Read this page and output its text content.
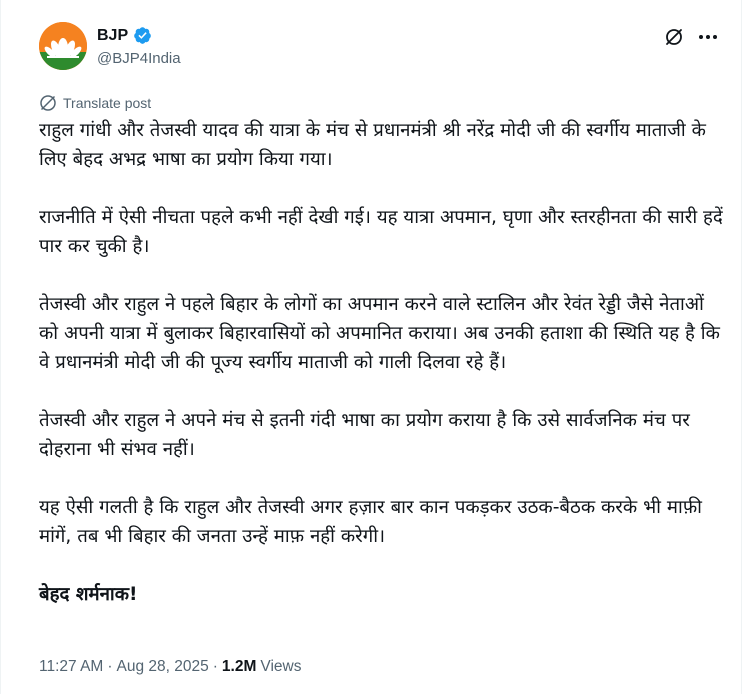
BJP
@BJP4India
Translate post

राहुल गांधी और तेजस्वी यादव की यात्रा के मंच से प्रधानमंत्री श्री नरेंद्र मोदी जी की स्वर्गीय माताजी के लिए बेहद अभद्र भाषा का प्रयोग किया गया।

राजनीति में ऐसी नीचता पहले कभी नहीं देखी गई। यह यात्रा अपमान, घृणा और स्तरहीनता की सारी हदें पार कर चुकी है।

तेजस्वी और राहुल ने पहले बिहार के लोगों का अपमान करने वाले स्टालिन और रेवंत रेड्डी जैसे नेताओं को अपनी यात्रा में बुलाकर बिहारवासियों को अपमानित कराया। अब उनकी हताशा की स्थिति यह है कि वे प्रधानमंत्री मोदी जी की पूज्य स्वर्गीय माताजी को गाली दिलवा रहे हैं।

तेजस्वी और राहुल ने अपने मंच से इतनी गंदी भाषा का प्रयोग कराया है कि उसे सार्वजनिक मंच पर दोहराना भी संभव नहीं।

यह ऐसी गलती है कि राहुल और तेजस्वी अगर हज़ार बार कान पकड़कर उठक-बैठक करके भी माफ़ी मांगें, तब भी बिहार की जनता उन्हें माफ़ नहीं करेगी।

बेहद शर्मनाक!

11:27 AM · Aug 28, 2025 · 1.2M Views
